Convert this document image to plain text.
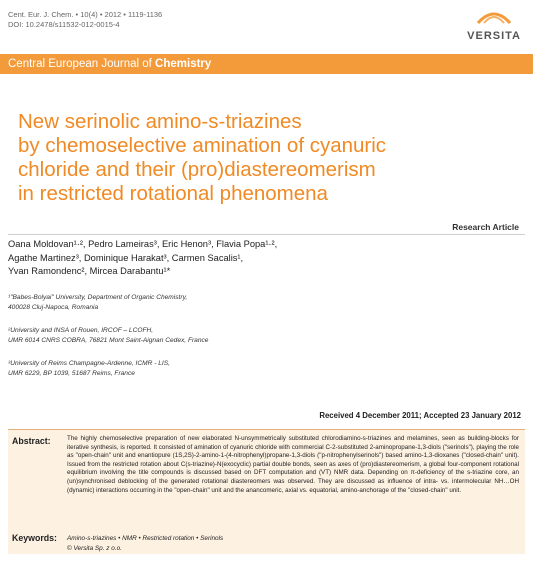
Cent. Eur. J. Chem. • 10(4) • 2012 • 1119-1136
DOI: 10.2478/s11532-012-0015-4
VERSITA
Central European Journal of Chemistry
New serinolic amino-s-triazines
by chemoselective amination of cyanuric
chloride and their (pro)diastereomerism
in restricted rotational phenomena
Research Article
Oana Moldovan¹·², Pedro Lameiras³, Eric Henon³, Flavia Popa¹·²,
Agathe Martinez³, Dominique Harakat³, Carmen Sacalis¹,
Yvan Ramondenc², Mircea Darabantu¹*
¹"Babes-Bolyai" University, Department of Organic Chemistry,
400028 Cluj-Napoca, Romania
²University and INSA of Rouen, IRCOF – LCOFH,
UMR 6014 CNRS COBRA, 76821 Mont Saint-Aignan Cedex, France
³University of Reims Champagne-Ardenne, ICMR - LIS,
UMR 6229, BP 1039, 51687 Reims, France
Received 4 December 2011; Accepted 23 January 2012
Abstract:	The highly chemoselective preparation of new elaborated N-unsymmetrically substituted chlorodiamino-s-triazines and melamines, seen as building-blocks for iterative synthesis, is reported. It consisted of amination of cyanuric chloride with commercial C-2-substituted 2-aminopropane-1,3-diols ("serinols"), playing the role as "open-chain" unit and enantiopure (1S,2S)-2-amino-1-(4-nitrophenyl)propane-1,3-diols ("p-nitrophenylserinols") based amino-1,3-dioxanes ("closed-chain" unit). Issued from the restricted rotation about C(s-triazine)-N(exocyclic) partial double bonds, seen as axes of (pro)diastereomerism, a global four-component rotational equilibrium involving the title compounds is discussed based on DFT computation and (VT) NMR data. Depending on π-deficiency of the s-triazine core, an (un)synchronised deblocking of the generated rotational diastereomers was observed. They are discussed as influence of intra- vs. intermolecular NH…OH (dynamic) interactions occurring in the "open-chain" unit and the anancomeric, axial vs. equatorial, amino-anchorage of the "closed-chain" unit.
Keywords: Amino-s-triazines • NMR • Restricted rotation • Serinols
© Versita Sp. z o.o.
